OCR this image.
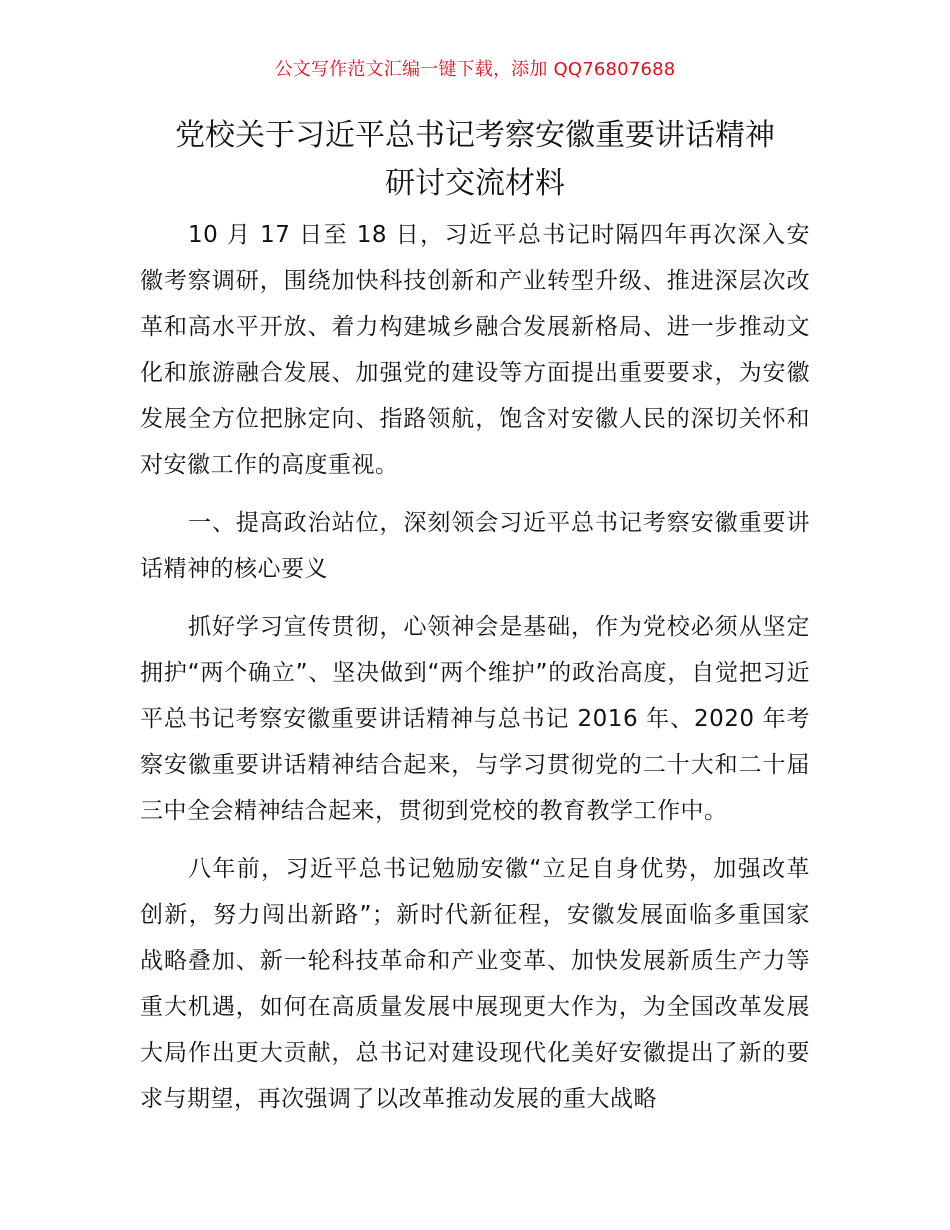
公文写作范文汇编一键下载，添加 QQ76807688
党校关于习近平总书记考察安徽重要讲话精神
研讨交流材料

10 月 17 日至 18 日，习近平总书记时隔四年再次深入安徽考察调研，围绕加快科技创新和产业转型升级、推进深层次改革和高水平开放、着力构建城乡融合发展新格局、进一步推动文化和旅游融合发展、加强党的建设等方面提出重要要求，为安徽发展全方位把脉定向、指路领航，饱含对安徽人民的深切关怀和对安徽工作的高度重视。

一、提高政治站位，深刻领会习近平总书记考察安徽重要讲话精神的核心要义

抓好学习宣传贯彻，心领神会是基础，作为党校必须从坚定拥护“两个确立”、坚决做到“两个维护”的政治高度，自觉把习近平总书记考察安徽重要讲话精神与总书记 2016 年、2020 年考察安徽重要讲话精神结合起来，与学习贯彻党的二十大和二十届三中全会精神结合起来，贯彻到党校的教育教学工作中。

八年前，习近平总书记勉励安徽“立足自身优势，加强改革创新，努力闯出新路”；新时代新征程，安徽发展面临多重国家战略叠加、新一轮科技革命和产业变革、加快发展新质生产力等重大机遇，如何在高质量发展中展现更大作为，为全国改革发展大局作出更大贡献，总书记对建设现代化美好安徽提出了新的要求与期望，再次强调了以改革推动发展的重大战略
